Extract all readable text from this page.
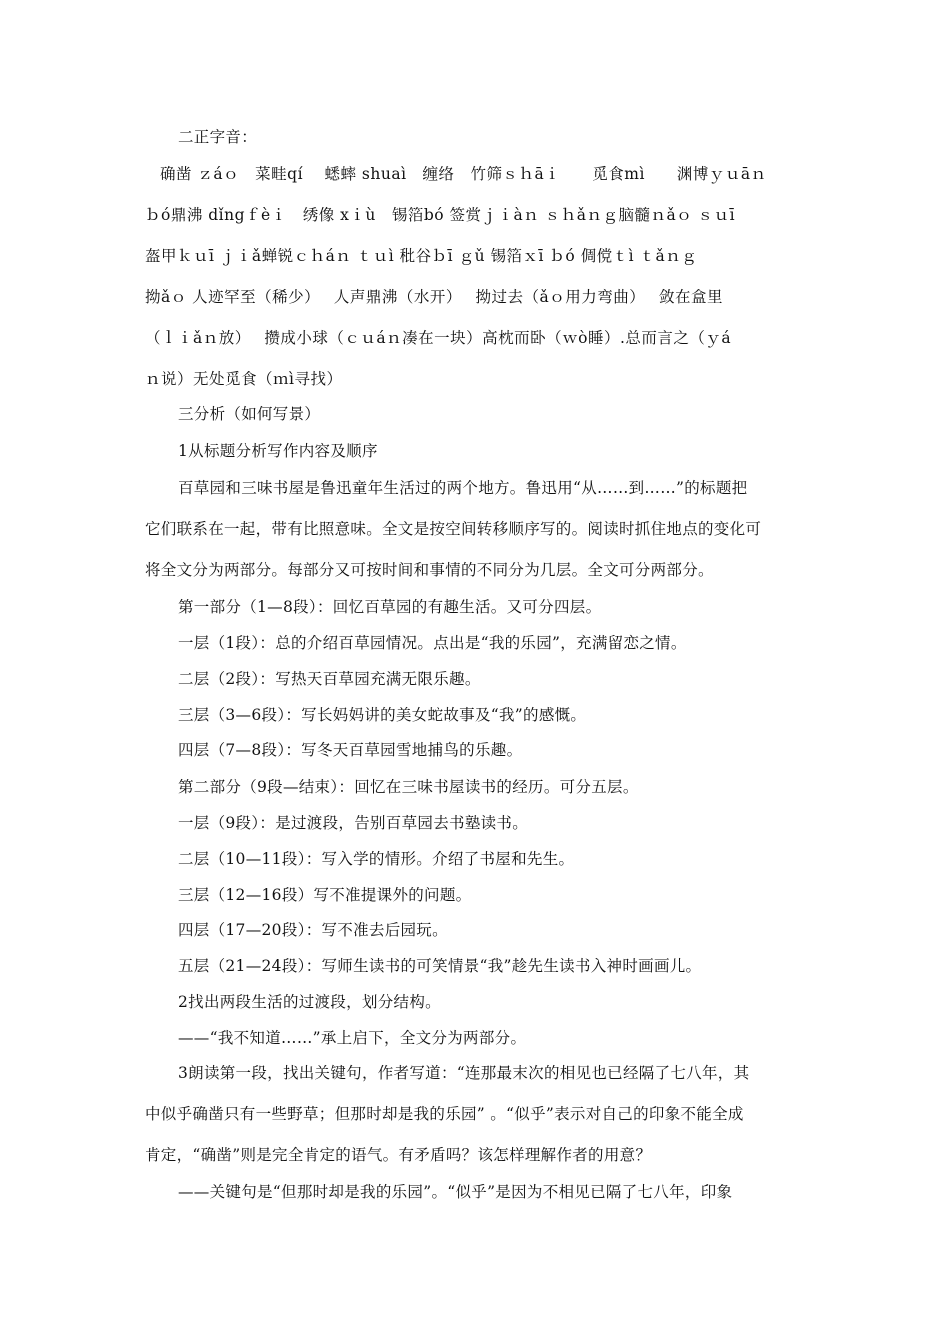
二正字音：
确凿 ｚáｏ　菜畦qí　 蟋蟀 shuaì　缠络　竹筛ｓｈāｉ　　觅食mì　　渊博ｙｕāｎ
ｂó鼎沸 dǐngｆèｉ　绣像 xｉù　锡箔bó 签赏ｊｉàｎ ｓｈǎｎｇ脑髓ｎǎｏ ｓｕī
盔甲ｋｕī ｊｉǎ蝉锐ｃｈáｎ ｔｕì 秕谷ｂī ｇǔ 锡箔ｘī ｂó 倜傥ｔì ｔǎｎｇ
拗ǎｏ 人迹罕至（稀少）　 人声鼎沸（水开）　 拗过去（ǎｏ用力弯曲）　 敛在盒里
（ｌｉǎｎ放）　 攒成小球（ｃｕáｎ凑在一块）高枕而卧（ｗò睡）.总而言之（ｙá
ｎ说）无处觅食（ｍì寻找）
三分析（如何写景）
1从标题分析写作内容及顺序
百草园和三味书屋是鲁迅童年生活过的两个地方。鲁迅用“从……到……”的标题把
它们联系在一起，带有比照意味。全文是按空间转移顺序写的。阅读时抓住地点的变化可
将全文分为两部分。每部分又可按时间和事情的不同分为几层。全文可分两部分。
第一部分（1—8段）：回忆百草园的有趣生活。又可分四层。
一层（1段）：总的介绍百草园情况。点出是“我的乐园”，充满留恋之情。
二层（2段）：写热天百草园充满无限乐趣。
三层（3—6段）：写长妈妈讲的美女蛇故事及“我”的感慨。
四层（7—8段）：写冬天百草园雪地捕鸟的乐趣。
第二部分（9段—结束）：回忆在三味书屋读书的经历。可分五层。
一层（9段）：是过渡段，告别百草园去书塾读书。
二层（10—11段）：写入学的情形。介绍了书屋和先生。
三层（12—16段）写不准提课外的问题。
四层（17—20段）：写不准去后园玩。
五层（21—24段）：写师生读书的可笑情景“我”趁先生读书入神时画画儿。
2找出两段生活的过渡段，划分结构。
——“我不知道……”承上启下，全文分为两部分。
3朗读第一段，找出关键句，作者写道：“连那最末次的相见也已经隔了七八年，其
中似乎确凿只有一些野草；但那时却是我的乐园” 。“似乎”表示对自己的印象不能全成
肯定，“确凿”则是完全肯定的语气。有矛盾吗？该怎样理解作者的用意？
——关键句是“但那时却是我的乐园”。“似乎”是因为不相见已隔了七八年，印象
